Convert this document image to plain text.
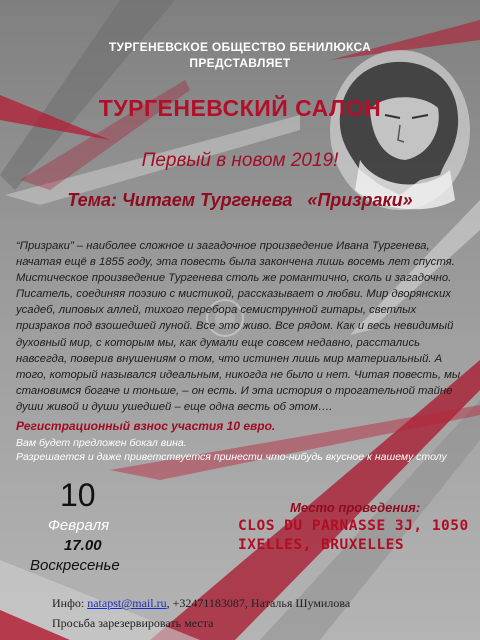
ТУРГЕНЕВСКОЕ ОБЩЕСТВО БЕНИЛЮКСА
ПРЕДСТАВЛЯЕТ
ТУРГЕНЕВСКИЙ САЛОН
Первый в новом 2019!
Тема: Читаем Тургенева   «Призраки»
“Призраки” – наиболее сложное и загадочное произведение Ивана Тургенева, начатая ещё в 1855 году, эта повесть была закончена лишь восемь лет спустя. Мистическое произведение Тургенева столь же романтично, сколь и загадочно. Писатель, соединяя поэзию с мистикой, рассказывает о любви. Мир дворянских усадеб, липовых аллей, тихого перебора семиструнной гитары, светлых призраков под взошедшей луной. Все это живо. Все рядом. Как и весь невидимый духовный мир, с которым мы, как думали еще совсем недавно, расстались навсегда, поверив внушениям о том, что истинен лишь мир материальный. А того, который назывался идеальным, никогда не было и нет. Читая повесть, мы становимся богаче и тоньше, – он есть. И эта история о трогательной тайне души живой и души ушедшей – еще одна весть об этом….
Регистрационный взнос участия 10 евро.
Вам будет предложен бокал вина.
Разрешается и даже приветствуется принести что-нибудь вкусное к нашему столу
10
Февраля
17.00
Воскресенье
Место проведения:
CLOS DU PARNASSE 3J, 1050
IXELLES, BRUXELLES
Инфо: natapst@mail.ru, +32471183087, Наталья Шумилова
Просьба зарезервировать места
